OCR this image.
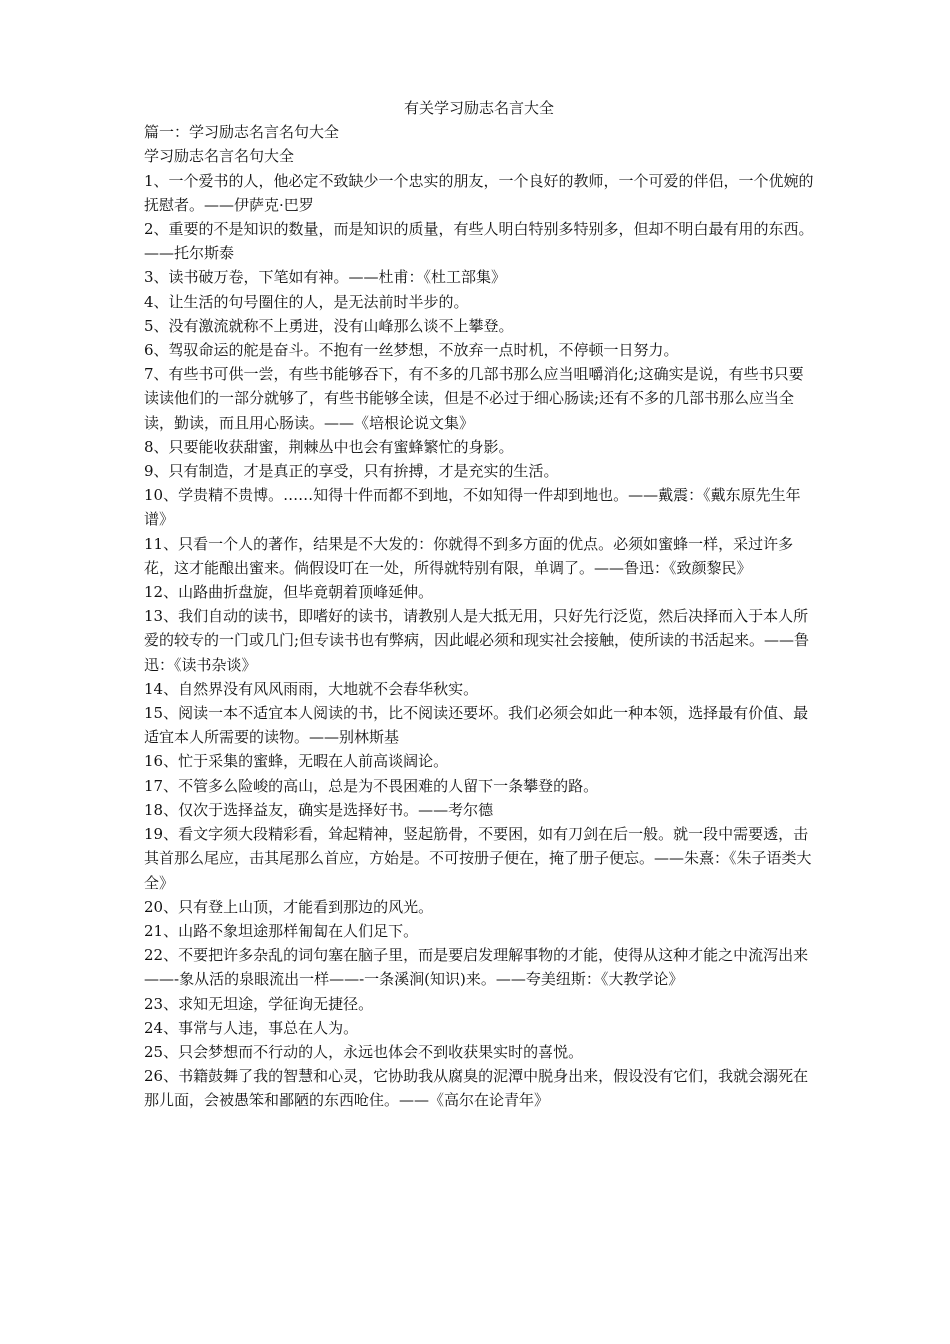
有关学习励志名言大全

篇一：学习励志名言名句大全

学习励志名言名句大全

1、一个爱书的人，他必定不致缺少一个忠实的朋友，一个良好的教师，一个可爱的伴侣，一个优婉的抚慰者。——伊萨克·巴罗
2、重要的不是知识的数量，而是知识的质量，有些人明白特别多特别多，但却不明白最有用的东西。——托尔斯泰
3、读书破万卷，下笔如有神。——杜甫：《杜工部集》
4、让生活的句号圈住的人，是无法前时半步的。
5、没有激流就称不上勇进，没有山峰那么谈不上攀登。
6、驾驭命运的舵是奋斗。不抱有一丝梦想，不放弃一点时机，不停顿一日努力。
7、有些书可供一尝，有些书能够吞下，有不多的几部书那么应当咀嚼消化;这确实是说，有些书只要读读他们的一部分就够了，有些书能够全读，但是不必过于细心肠读;还有不多的几部书那么应当全读，勤读，而且用心肠读。——《培根论说文集》
8、只要能收获甜蜜，荆棘丛中也会有蜜蜂繁忙的身影。
9、只有制造，才是真正的享受，只有拚搏，才是充实的生活。
10、学贵精不贵博。……知得十件而都不到地，不如知得一件却到地也。——戴震：《戴东原先生年谱》
11、只看一个人的著作，结果是不大发的：你就得不到多方面的优点。必须如蜜蜂一样，采过许多花，这才能酿出蜜来。倘假设叮在一处，所得就特别有限，单调了。——鲁迅：《致颜黎民》
12、山路曲折盘旋，但毕竟朝着顶峰延伸。
13、我们自动的读书，即嗜好的读书，请教别人是大抵无用，只好先行泛览，然后决择而入于本人所爱的较专的一门或几门;但专读书也有弊病，因此崐必须和现实社会接触，使所读的书活起来。——鲁迅：《读书杂谈》
14、自然界没有风风雨雨，大地就不会春华秋实。
15、阅读一本不适宜本人阅读的书，比不阅读还要坏。我们必须会如此一种本领，选择最有价值、最适宜本人所需要的读物。——别林斯基
16、忙于采集的蜜蜂，无暇在人前高谈阔论。
17、不管多么险峻的高山，总是为不畏困难的人留下一条攀登的路。
18、仅次于选择益友，确实是选择好书。——考尔德
19、看文字须大段精彩看，耸起精神，竖起筋骨，不要困，如有刀剑在后一般。就一段中需要透，击其首那么尾应，击其尾那么首应，方始是。不可按册子便在，掩了册子便忘。——朱熹：《朱子语类大全》
20、只有登上山顶，才能看到那边的风光。
21、山路不象坦途那样匍匐在人们足下。
22、不要把许多杂乱的词句塞在脑子里，而是要启发理解事物的才能，使得从这种才能之中流泻出来——-象从活的泉眼流出一样——-一条溪涧(知识)来。——夸美纽斯：《大教学论》
23、求知无坦途，学征询无捷径。
24、事常与人违，事总在人为。
25、只会梦想而不行动的人，永远也体会不到收获果实时的喜悦。
26、书籍鼓舞了我的智慧和心灵，它协助我从腐臭的泥潭中脱身出来，假设没有它们，我就会溺死在那儿面，会被愚笨和鄙陋的东西呛住。——《高尔在论青年》
